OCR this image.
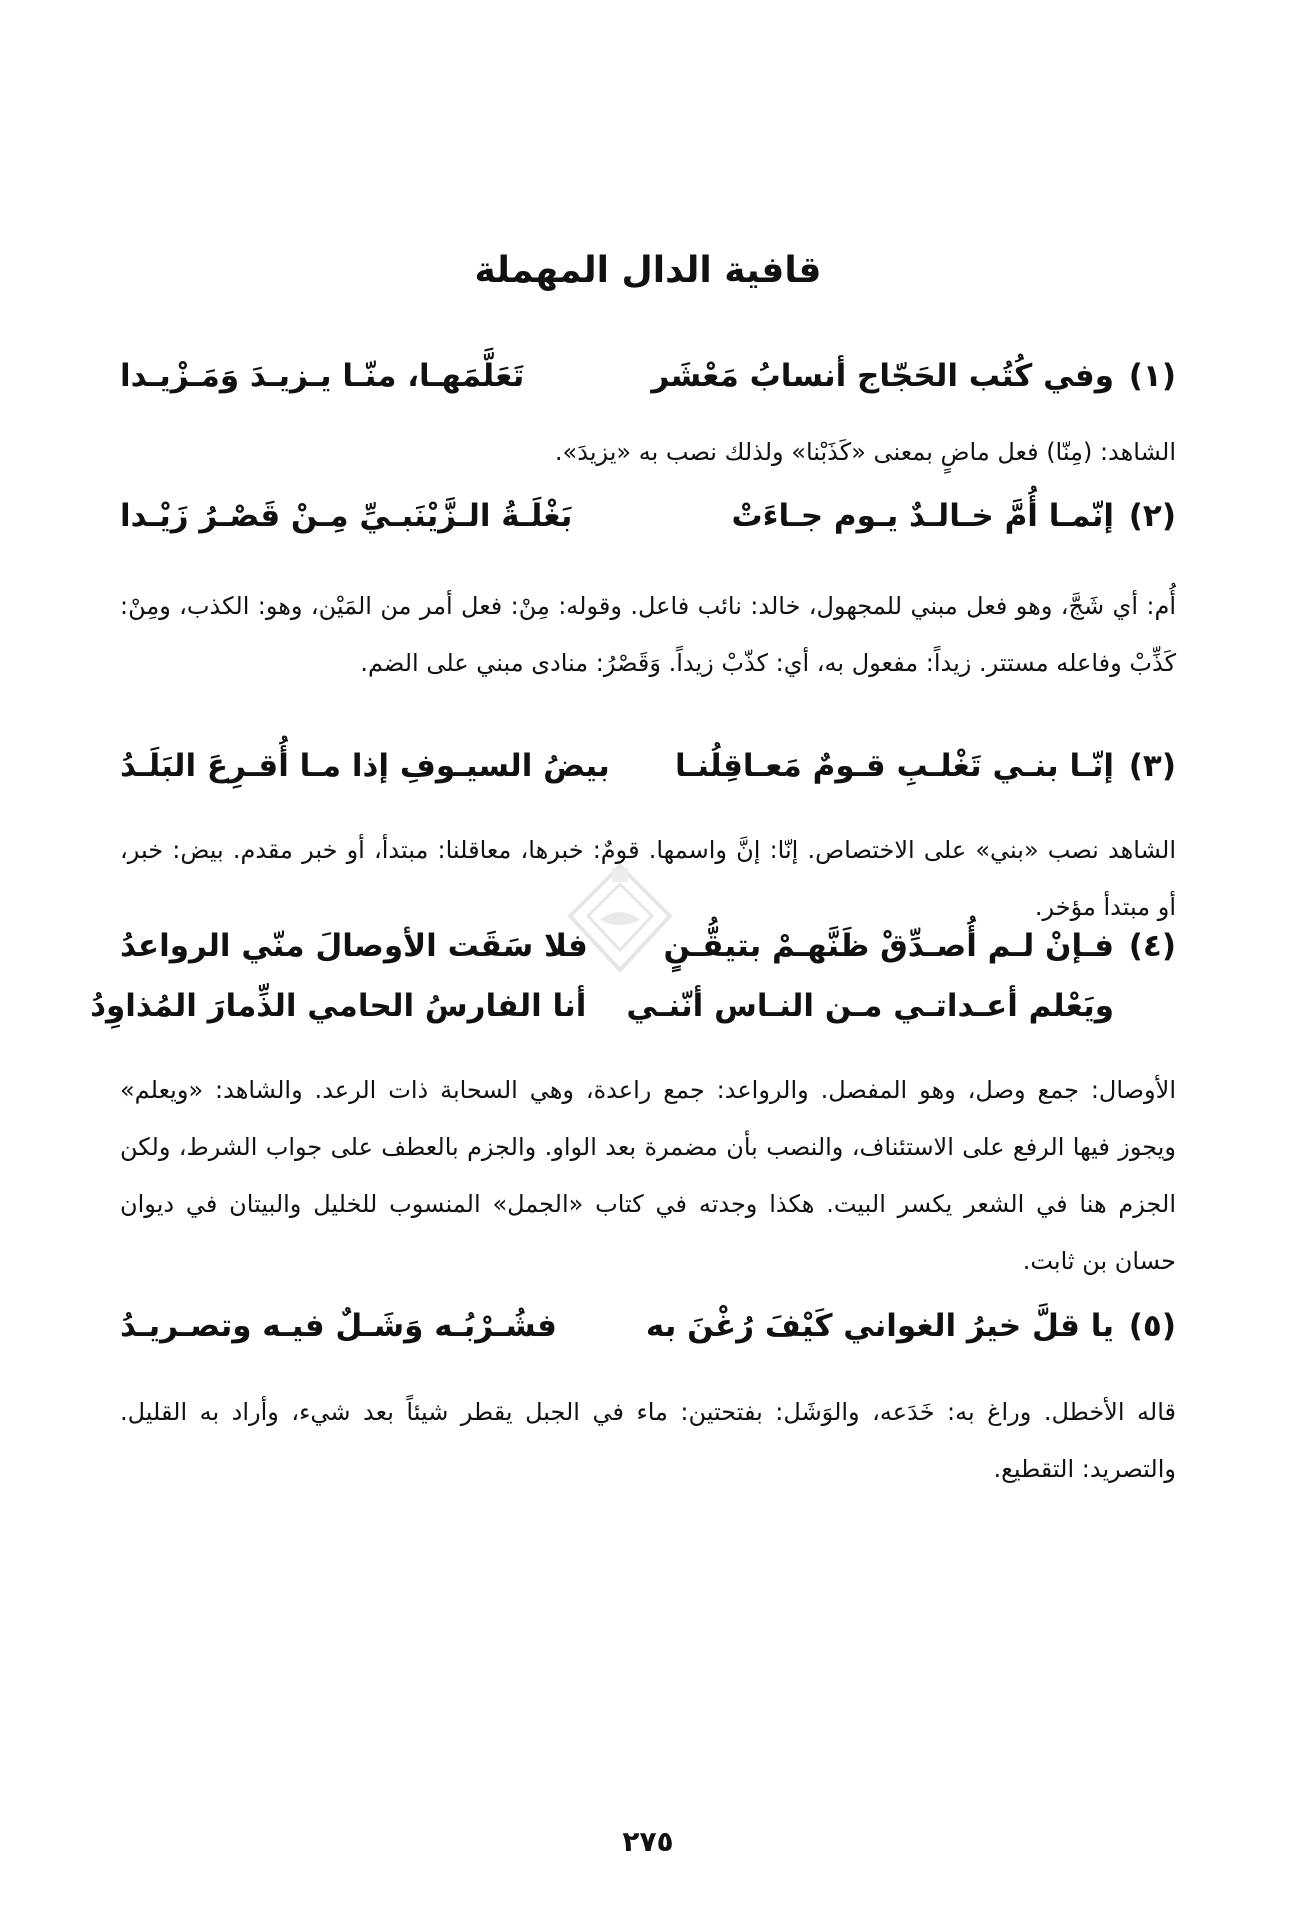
قافية الدال المهملة
(١)
وفي كُتُب الحَجّاج أنسابُ مَعْشَر
تَعَلَّمَهـا، منّـا يـزيـدَ وَمَـزْيـدا
الشاهد: (مِنّا) فعل ماضٍ بمعنى «كَذَبْنا» ولذلك نصب به «يزيدَ».
(٢)
إنّمـا أُمَّ خـالـدٌ يـوم جـاءَتْ
بَغْلَـةُ الـزَّيْنَبـيِّ مِـنْ قَصْـرُ زَيْـدا
أُم: أي شَجَّ، وهو فعل مبني للمجهول، خالد: نائب فاعل. وقوله: مِنْ: فعل أمر من المَيْن، وهو: الكذب، ومِنْ: كَذِّبْ وفاعله مستتر. زيداً: مفعول به، أي: كذّبْ زيداً. وَقَصْرُ: منادى مبني على الضم.
(٣)
إنّـا بنـي تَغْلـبِ قـومٌ مَعـاقِلُنـا
بيضُ السيـوفِ إذا مـا أُقـرِعَ البَلَـدُ
الشاهد نصب «بني» على الاختصاص. إنّا: إنَّ واسمها. قومٌ: خبرها، معاقلنا: مبتدأ، أو خبر مقدم. بيض: خبر، أو مبتدأ مؤخر.
(٤)
فـإنْ لـم أُصـدِّقْ ظَنَّهـمْ بتيقُّـنٍ
فلا سَقَت الأوصالَ منّي الرواعدُ
ويَعْلم أعـداتـي مـن النـاس أنّنـي
أنا الفارسُ الحامي الذِّمارَ المُذاوِدُ
الأوصال: جمع وصل، وهو المفصل. والرواعد: جمع راعدة، وهي السحابة ذات الرعد. والشاهد: «ويعلم» ويجوز فيها الرفع على الاستئناف، والنصب بأن مضمرة بعد الواو. والجزم بالعطف على جواب الشرط، ولكن الجزم هنا في الشعر يكسر البيت. هكذا وجدته في كتاب «الجمل» المنسوب للخليل والبيتان في ديوان حسان بن ثابت.
(٥)
يا قلَّ خيرُ الغواني كَيْفَ رُغْنَ به
فشُـرْبُـه وَشَـلٌ فيـه وتصـريـدُ
قاله الأخطل. وراغ به: خَدَعه، والوَشَل: بفتحتين: ماء في الجبل يقطر شيئاً بعد شيء، وأراد به القليل. والتصريد: التقطيع.
٢٧٥
